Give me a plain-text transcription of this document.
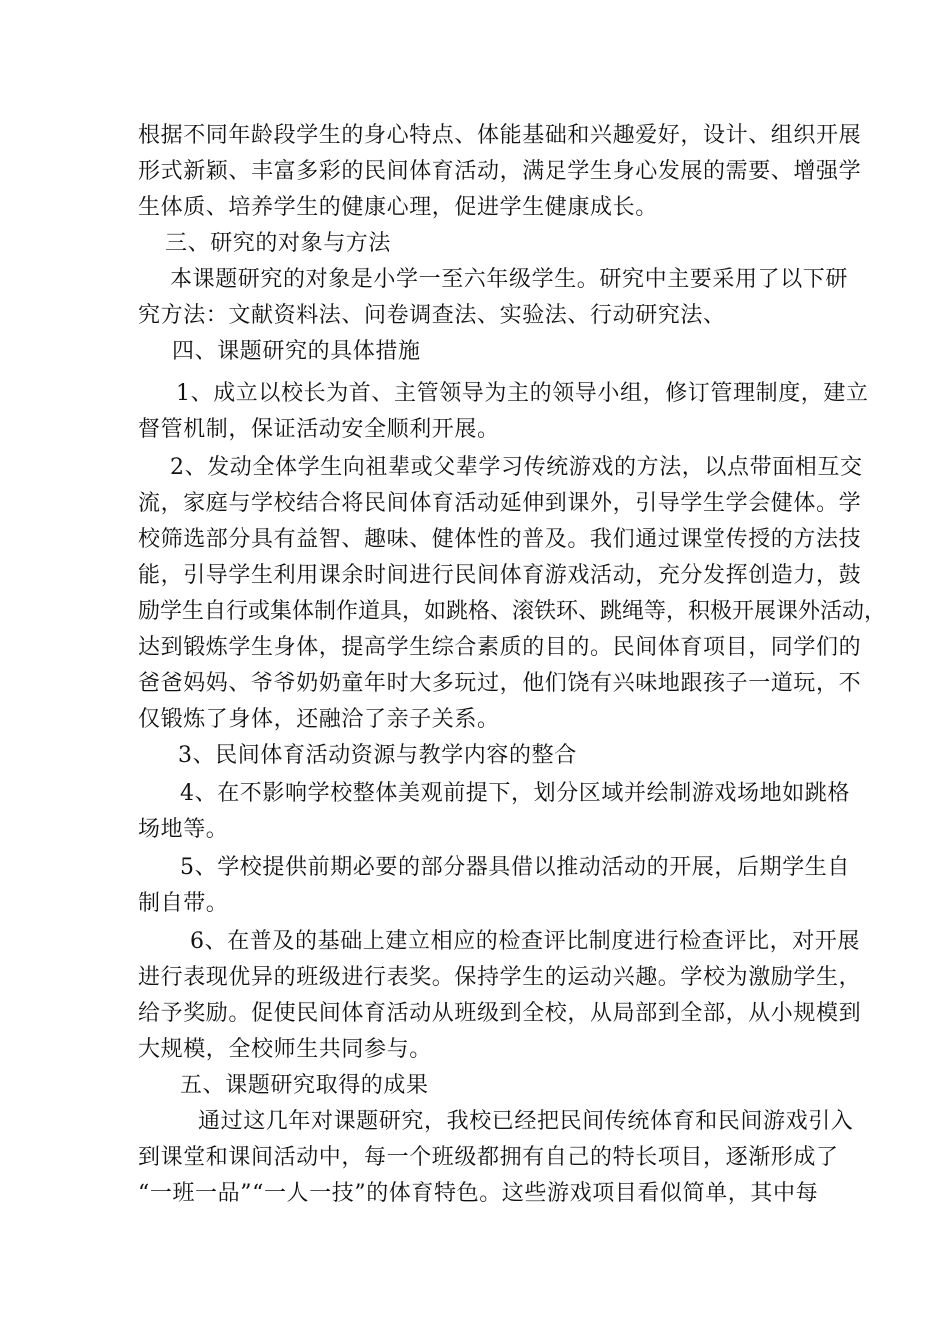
根据不同年龄段学生的身心特点、体能基础和兴趣爱好，设计、组织开展
形式新颖、丰富多彩的民间体育活动，满足学生身心发展的需要、增强学
生体质、培养学生的健康心理，促进学生健康成长。
三、研究的对象与方法
本课题研究的对象是小学一至六年级学生。研究中主要采用了以下研
究方法：文献资料法、问卷调查法、实验法、行动研究法、
四、课题研究的具体措施
1、成立以校长为首、主管领导为主的领导小组，修订管理制度，建立
督管机制，保证活动安全顺利开展。
2、发动全体学生向祖辈或父辈学习传统游戏的方法，以点带面相互交
流，家庭与学校结合将民间体育活动延伸到课外，引导学生学会健体。学
校筛选部分具有益智、趣味、健体性的普及。我们通过课堂传授的方法技
能，引导学生利用课余时间进行民间体育游戏活动，充分发挥创造力，鼓
励学生自行或集体制作道具，如跳格、滚铁环、跳绳等，积极开展课外活动，
达到锻炼学生身体，提高学生综合素质的目的。民间体育项目，同学们的
爸爸妈妈、爷爷奶奶童年时大多玩过，他们饶有兴味地跟孩子一道玩，不
仅锻炼了身体，还融洽了亲子关系。
3、民间体育活动资源与教学内容的整合
4、在不影响学校整体美观前提下，划分区域并绘制游戏场地如跳格
场地等。
5、学校提供前期必要的部分器具借以推动活动的开展，后期学生自
制自带。
6、在普及的基础上建立相应的检查评比制度进行检查评比，对开展
进行表现优异的班级进行表奖。保持学生的运动兴趣。学校为激励学生，
给予奖励。促使民间体育活动从班级到全校，从局部到全部，从小规模到
大规模，全校师生共同参与。
五、课题研究取得的成果
通过这几年对课题研究，我校已经把民间传统体育和民间游戏引入
到课堂和课间活动中，每一个班级都拥有自己的特长项目，逐渐形成了
“一班一品”“一人一技”的体育特色。这些游戏项目看似简单，其中每
